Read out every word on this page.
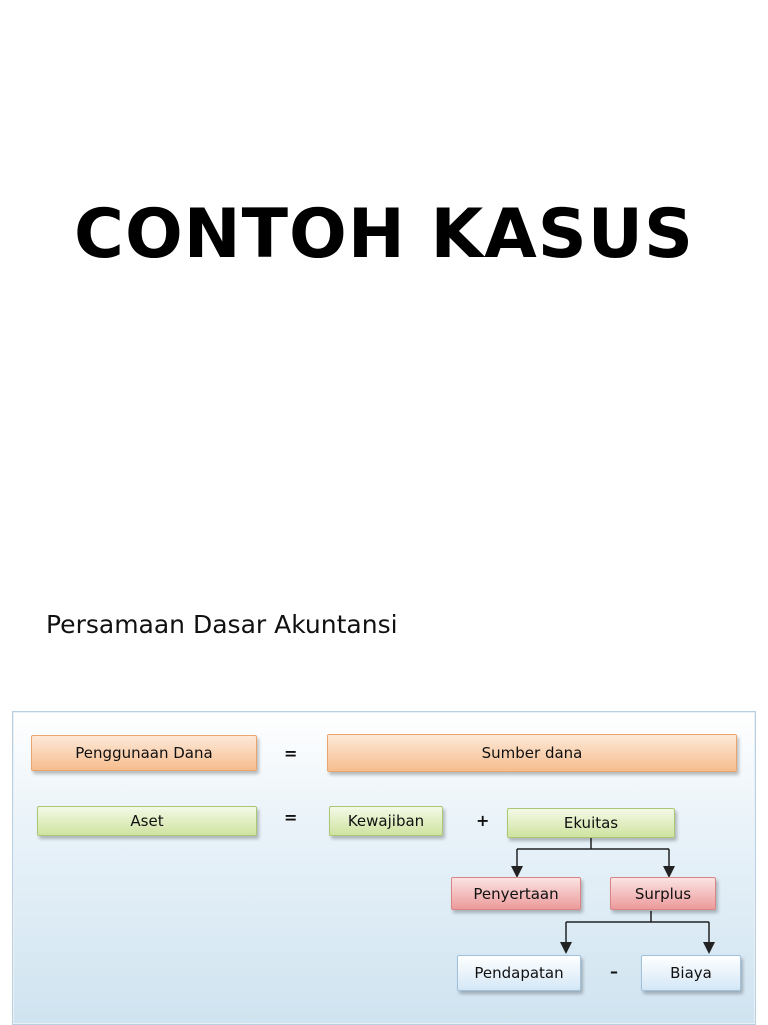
CONTOH KASUS
Persamaan Dasar Akuntansi
Penggunaan Dana	=	Sumber dana
Aset	=	Kewajiban	+	Ekuitas
Penyertaan	Surplus
Pendapatan	–	Biaya
